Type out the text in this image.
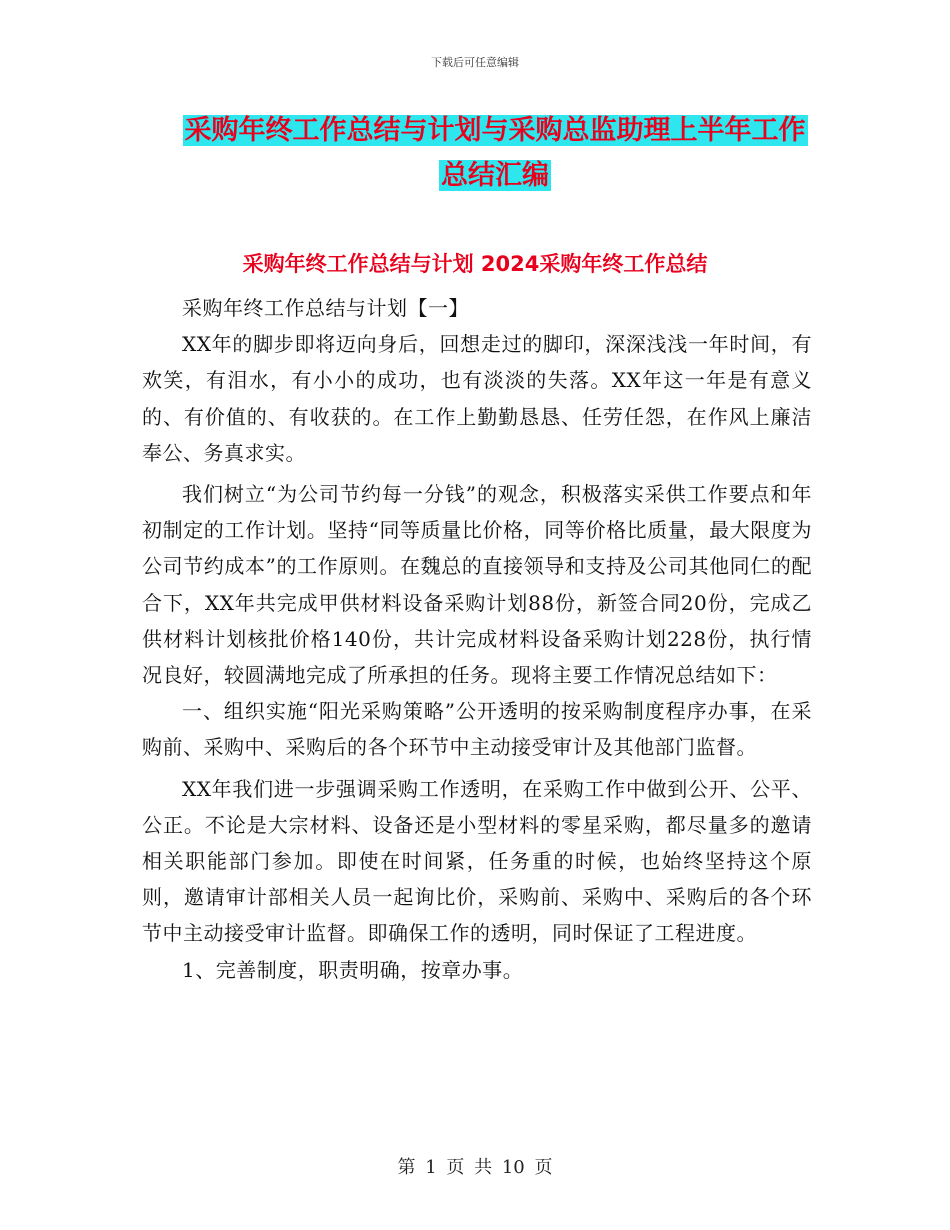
下载后可任意编辑
采购年终工作总结与计划与采购总监助理上半年工作
总结汇编
采购年终工作总结与计划 2024采购年终工作总结

采购年终工作总结与计划【一】

XX年的脚步即将迈向身后，回想走过的脚印，深深浅浅一年时间，有欢笑，有泪水，有小小的成功，也有淡淡的失落。XX年这一年是有意义的、有价值的、有收获的。在工作上勤勤恳恳、任劳任怨，在作风上廉洁奉公、务真求实。

我们树立“为公司节约每一分钱”的观念，积极落实采供工作要点和年初制定的工作计划。坚持“同等质量比价格，同等价格比质量，最大限度为公司节约成本”的工作原则。在魏总的直接领导和支持及公司其他同仁的配合下，XX年共完成甲供材料设备采购计划88份，新签合同20份，完成乙供材料计划核批价格140份，共计完成材料设备采购计划228份，执行情况良好，较圆满地完成了所承担的任务。现将主要工作情况总结如下：

一、组织实施“阳光采购策略”公开透明的按采购制度程序办事，在采购前、采购中、采购后的各个环节中主动接受审计及其他部门监督。

XX年我们进一步强调采购工作透明，在采购工作中做到公开、公平、公正。不论是大宗材料、设备还是小型材料的零星采购，都尽量多的邀请相关职能部门参加。即使在时间紧，任务重的时候，也始终坚持这个原则，邀请审计部相关人员一起询比价，采购前、采购中、采购后的各个环节中主动接受审计监督。即确保工作的透明，同时保证了工程进度。

1、完善制度，职责明确，按章办事。

第 1 页 共 10 页
